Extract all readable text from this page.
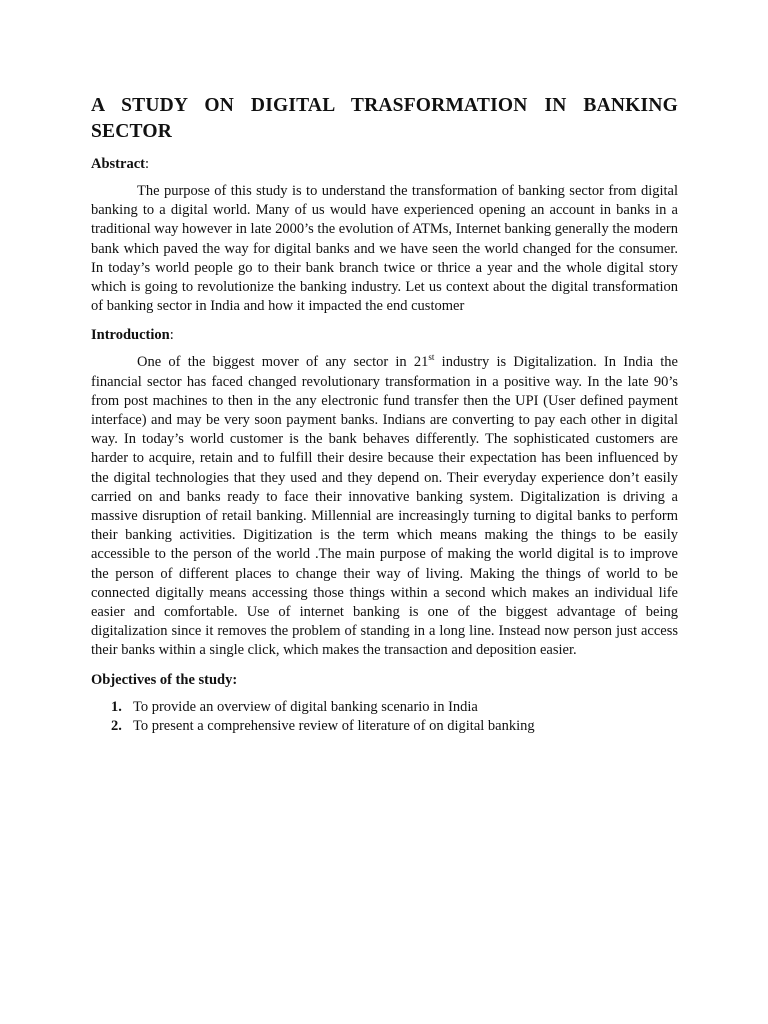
A STUDY ON DIGITAL TRASFORMATION IN BANKING SECTOR
Abstract:

The purpose of this study is to understand the transformation of banking sector from digital banking to a digital world. Many of us would have experienced opening an account in banks in a traditional way however in late 2000’s the evolution of ATMs, Internet banking generally the modern bank which paved the way for digital banks and we have seen the world changed for the consumer. In today’s world people go to their bank branch twice or thrice a year and the whole digital story which is going to revolutionize the banking industry. Let us context about the digital transformation of banking sector in India and how it impacted the end customer

Introduction:

One of the biggest mover of any sector in 21st industry is Digitalization. In India the financial sector has faced changed revolutionary transformation in a positive way. In the late 90’s from post machines to then in the any electronic fund transfer then the UPI (User defined payment interface) and may be very soon payment banks. Indians are converting to pay each other in digital way. In today’s world customer is the bank behaves differently. The sophisticated customers are harder to acquire, retain and to fulfill their desire because their expectation has been influenced by the digital technologies that they used and they depend on. Their everyday experience don’t easily carried on and banks ready to face their innovative banking system. Digitalization is driving a massive disruption of retail banking. Millennial are increasingly turning to digital banks to perform their banking activities. Digitization is the term which means making the things to be easily accessible to the person of the world .The main purpose of making the world digital is to improve the person of different places to change their way of living. Making the things of world to be connected digitally means accessing those things within a second which makes an individual life easier and comfortable. Use of internet banking is one of the biggest advantage of being digitalization since it removes the problem of standing in a long line. Instead now person just access their banks within a single click, which makes the transaction and deposition easier.

Objectives of the study:
1. To provide an overview of digital banking scenario in India
2. To present a comprehensive review of literature of on digital banking
